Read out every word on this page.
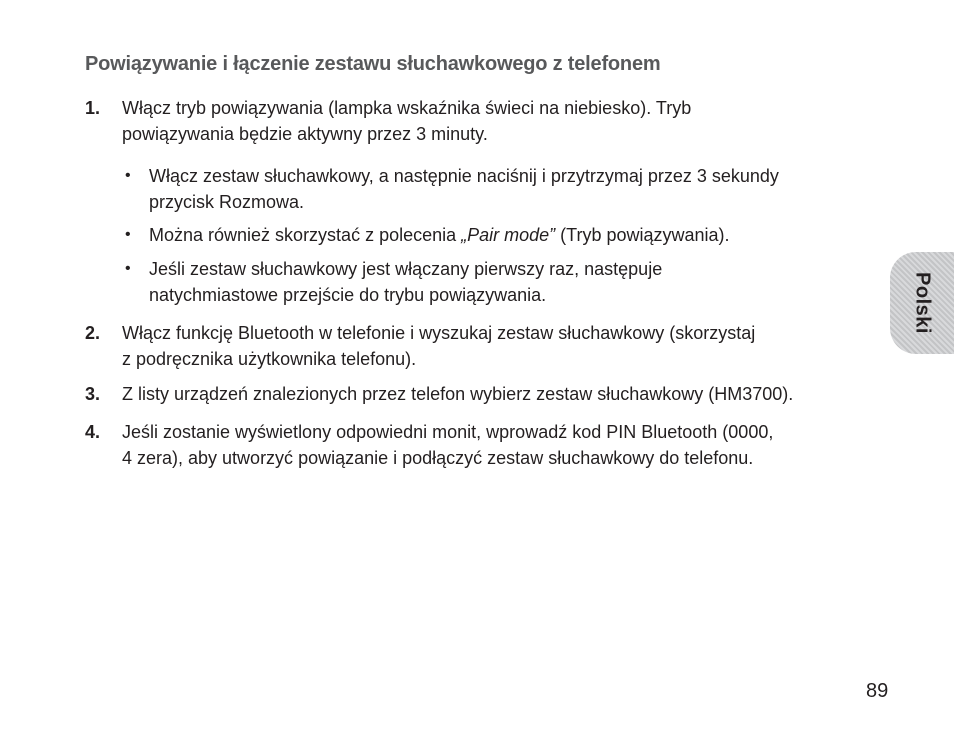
Powiązywanie i łączenie zestawu słuchawkowego z telefonem
1. Włącz tryb powiązywania (lampka wskaźnika świeci na niebiesko). Tryb
powiązywania będzie aktywny przez 3 minuty.
• Włącz zestaw słuchawkowy, a następnie naciśnij i przytrzymaj przez 3 sekundy
przycisk Rozmowa.
• Można również skorzystać z polecenia „Pair mode” (Tryb powiązywania).
• Jeśli zestaw słuchawkowy jest włączany pierwszy raz, następuje
natychmiastowe przejście do trybu powiązywania.
2. Włącz funkcję Bluetooth w telefonie i wyszukaj zestaw słuchawkowy (skorzystaj
z podręcznika użytkownika telefonu).
3. Z listy urządzeń znalezionych przez telefon wybierz zestaw słuchawkowy (HM3700).
4. Jeśli zostanie wyświetlony odpowiedni monit, wprowadź kod PIN Bluetooth (0000,
4 zera), aby utworzyć powiązanie i podłączyć zestaw słuchawkowy do telefonu.
Polski
89
